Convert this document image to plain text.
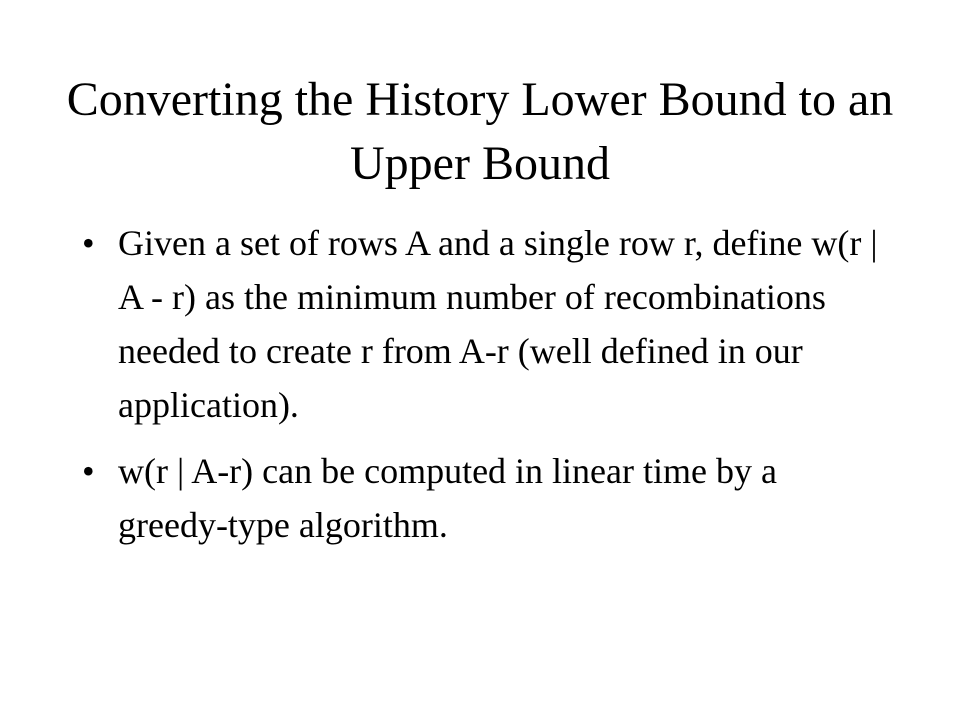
Converting the History Lower Bound to an Upper Bound
• Given a set of rows A and a single row r, define w(r | A - r) as the minimum number of recombinations needed to create r from A-r (well defined in our application).
• w(r | A-r) can be computed in linear time by a greedy-type algorithm.
